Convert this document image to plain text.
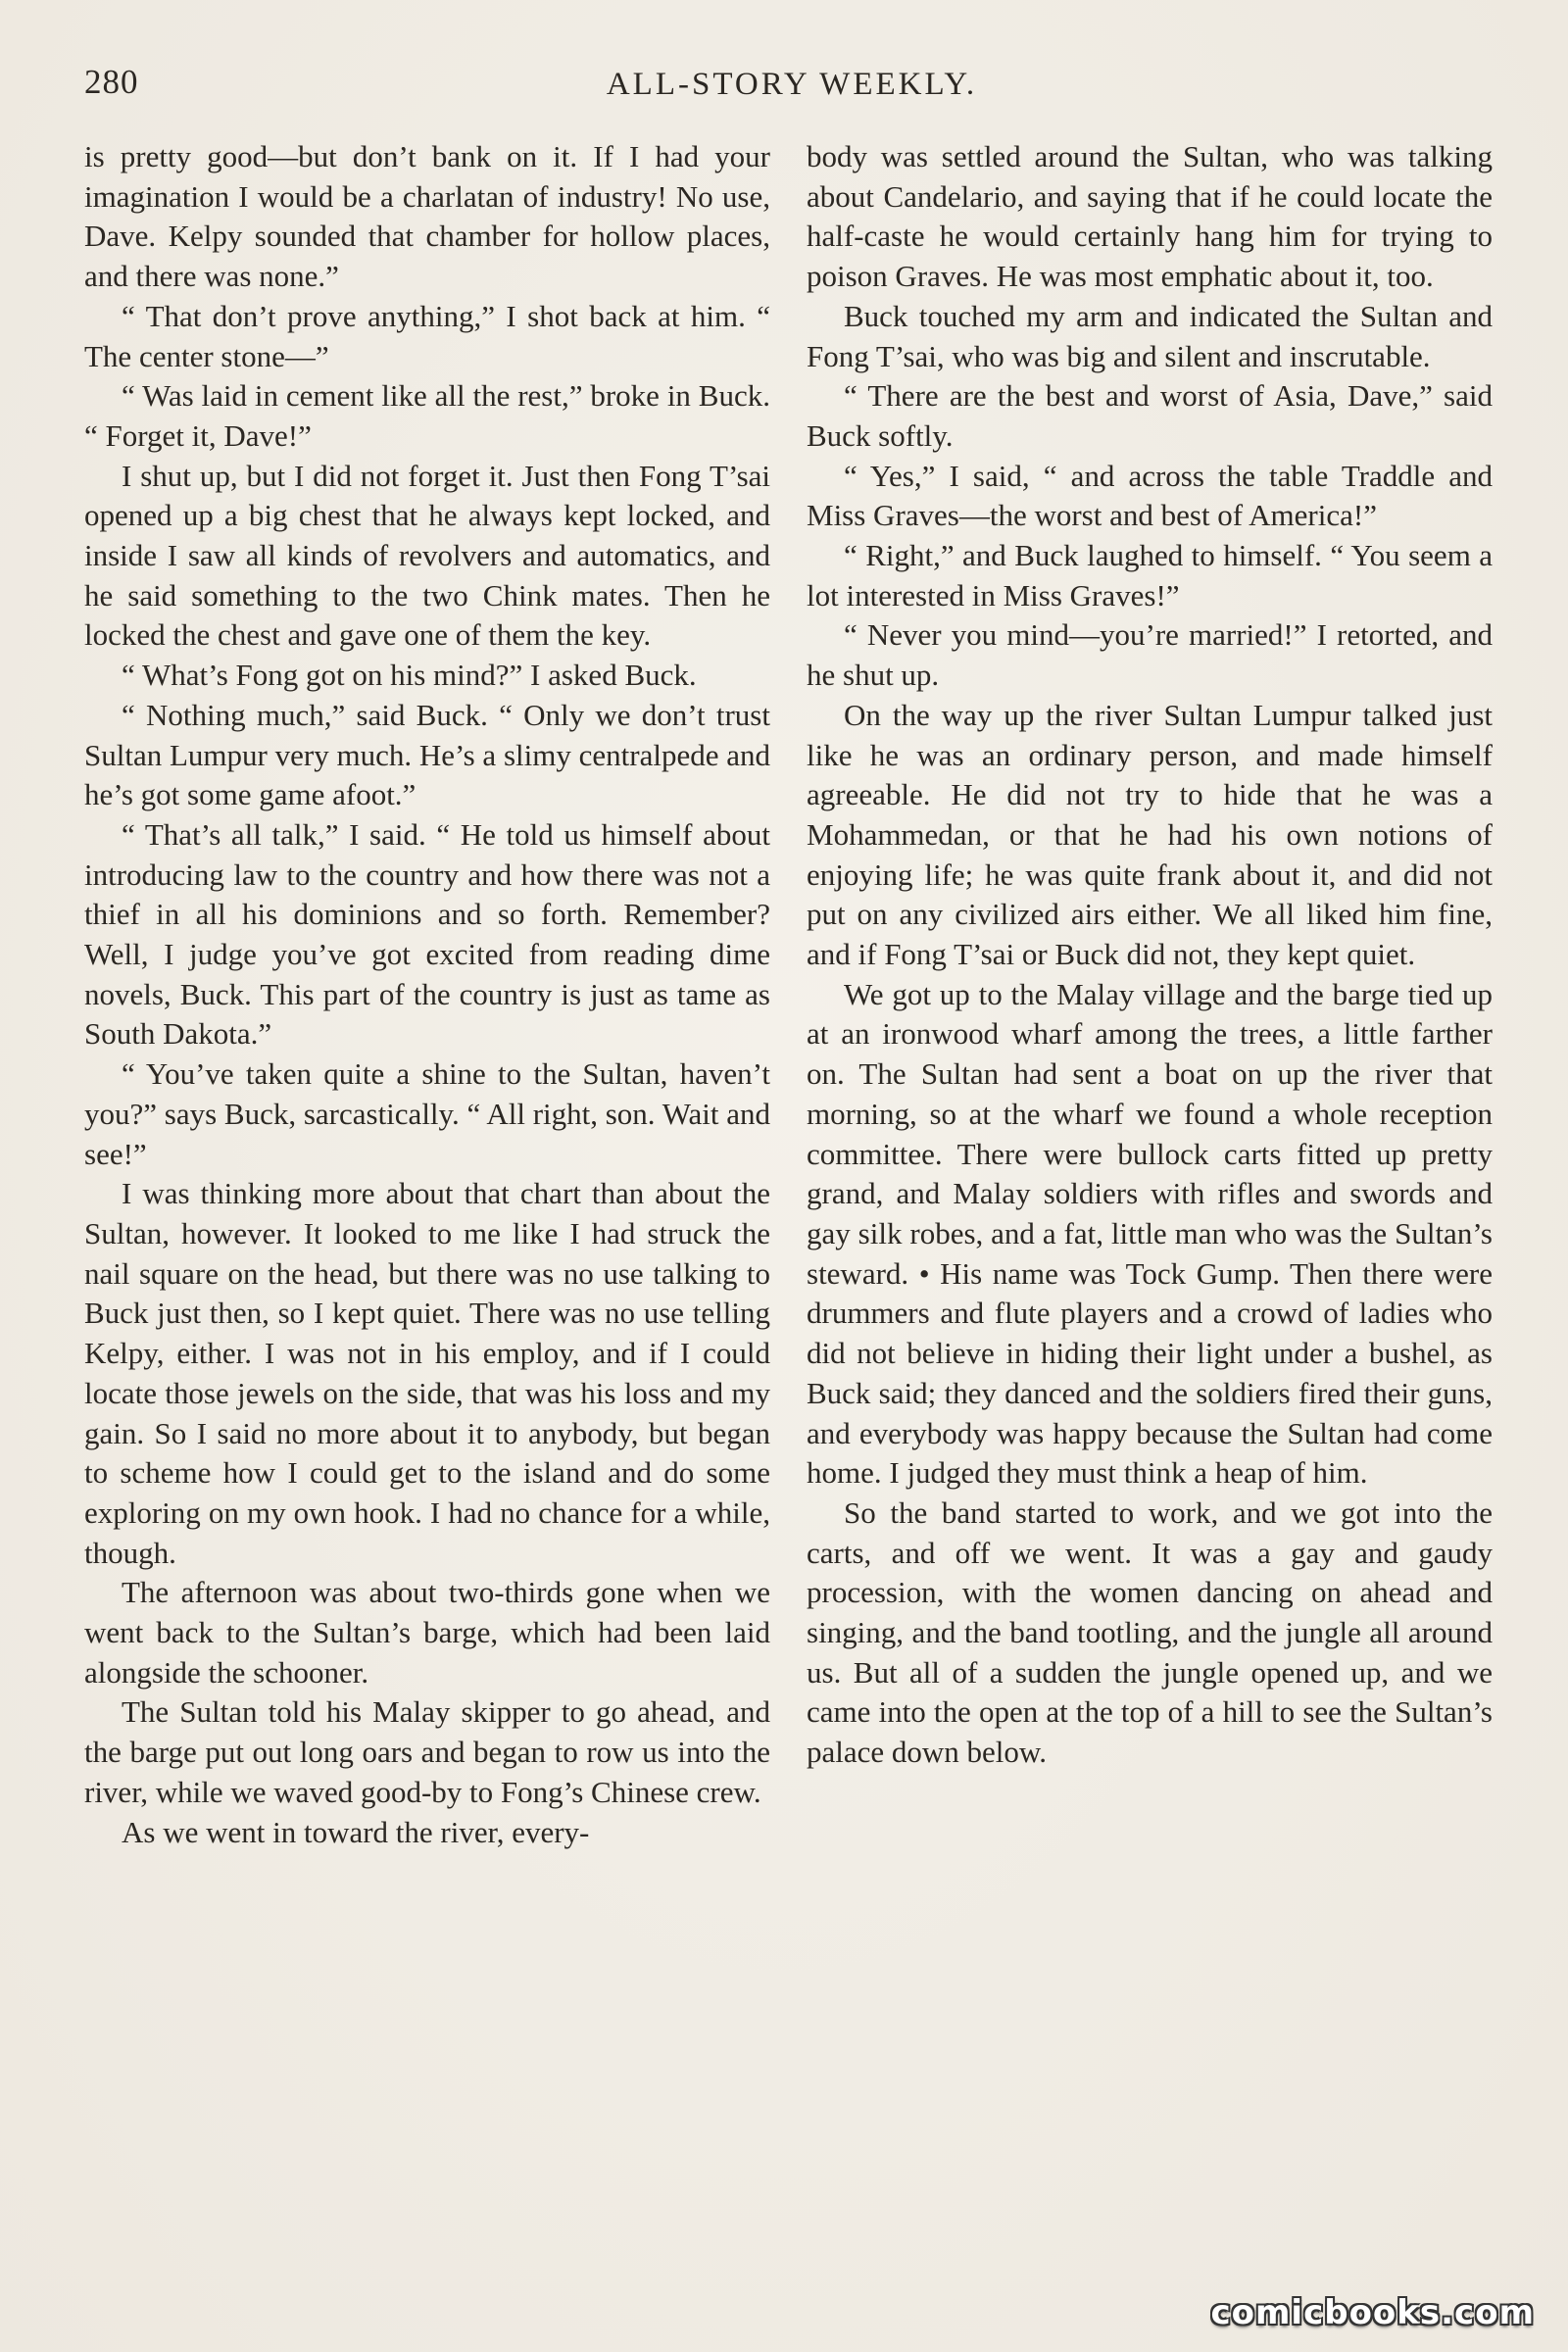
280	ALL-STORY WEEKLY.

is pretty good—but don’t bank on it. If I had your imagination I would be a charlatan of industry! No use, Dave. Kelpy sounded that chamber for hollow places, and there was none.”

“ That don’t prove anything,” I shot back at him. “ The center stone—”

“ Was laid in cement like all the rest,” broke in Buck. “ Forget it, Dave!”

I shut up, but I did not forget it. Just then Fong T’sai opened up a big chest that he always kept locked, and inside I saw all kinds of revolvers and automatics, and he said something to the two Chink mates. Then he locked the chest and gave one of them the key.

“ What’s Fong got on his mind?” I asked Buck.

“ Nothing much,” said Buck. “ Only we don’t trust Sultan Lumpur very much. He’s a slimy centralpede and he’s got some game afoot.”

“ That’s all talk,” I said. “ He told us himself about introducing law to the country and how there was not a thief in all his dominions and so forth. Remember? Well, I judge you’ve got excited from reading dime novels, Buck. This part of the country is just as tame as South Dakota.”

“ You’ve taken quite a shine to the Sultan, haven’t you?” says Buck, sarcastically. “ All right, son. Wait and see!”

I was thinking more about that chart than about the Sultan, however. It looked to me like I had struck the nail square on the head, but there was no use talking to Buck just then, so I kept quiet. There was no use telling Kelpy, either. I was not in his employ, and if I could locate those jewels on the side, that was his loss and my gain. So I said no more about it to anybody, but began to scheme how I could get to the island and do some exploring on my own hook. I had no chance for a while, though.

The afternoon was about two-thirds gone when we went back to the Sultan’s barge, which had been laid alongside the schooner.

The Sultan told his Malay skipper to go ahead, and the barge put out long oars and began to row us into the river, while we waved good-by to Fong’s Chinese crew.

As we went in toward the river, every-

body was settled around the Sultan, who was talking about Candelario, and saying that if he could locate the half-caste he would certainly hang him for trying to poison Graves. He was most emphatic about it, too.

Buck touched my arm and indicated the Sultan and Fong T’sai, who was big and silent and inscrutable.

“ There are the best and worst of Asia, Dave,” said Buck softly.

“ Yes,” I said, “ and across the table Traddle and Miss Graves—the worst and best of America!”

“ Right,” and Buck laughed to himself. “ You seem a lot interested in Miss Graves!”

“ Never you mind—you’re married!” I retorted, and he shut up.

On the way up the river Sultan Lumpur talked just like he was an ordinary person, and made himself agreeable. He did not try to hide that he was a Mohammedan, or that he had his own notions of enjoying life; he was quite frank about it, and did not put on any civilized airs either. We all liked him fine, and if Fong T’sai or Buck did not, they kept quiet.

We got up to the Malay village and the barge tied up at an ironwood wharf among the trees, a little farther on. The Sultan had sent a boat on up the river that morning, so at the wharf we found a whole reception committee. There were bullock carts fitted up pretty grand, and Malay soldiers with rifles and swords and gay silk robes, and a fat, little man who was the Sultan’s steward. • His name was Tock Gump. Then there were drummers and flute players and a crowd of ladies who did not believe in hiding their light under a bushel, as Buck said; they danced and the soldiers fired their guns, and everybody was happy because the Sultan had come home. I judged they must think a heap of him.

So the band started to work, and we got into the carts, and off we went. It was a gay and gaudy procession, with the women dancing on ahead and singing, and the band tootling, and the jungle all around us. But all of a sudden the jungle opened up, and we came into the open at the top of a hill to see the Sultan’s palace down below.

comicbooks.com
